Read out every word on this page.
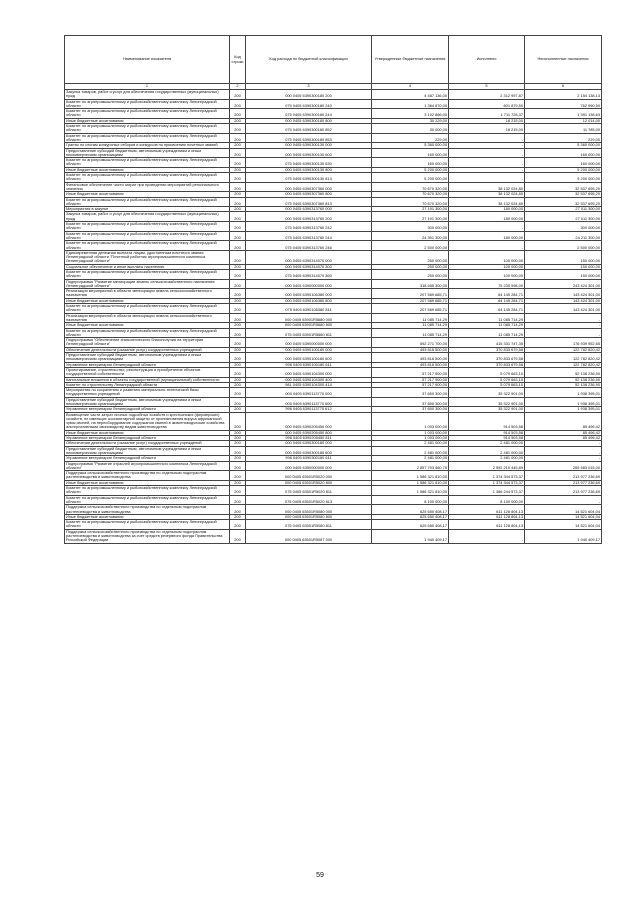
Наименование показателя	Код строки	Код расхода по бюджетной классификации	Утвержденные бюджетные назначения	Исполнено	Неисполненные назначения
1	2	3	4	5	6
Закупка товаров, работ и услуг для обеспечения государственных (муниципальных) нужд	200	000 0405 6390300180 200	4 487 136,00	2 312 997,87	2 154 138,13
Комитет по агропромышленному и рыбохозяйственному комплексу Ленинградской области	200	075 0405 6390300180 240	1 364 870,00	601 879,50	762 990,50
Комитет по агропромышленному и рыбохозяйственному комплексу Ленинградской области	200	075 0405 6390300180 244	3 102 866,00	1 711 728,37	1 391 138,63
Иные бюджетные ассигнования	200	000 0405 6390300180 800	30 229,00	18 215,00	12 014,00
Комитет по агропромышленному и рыбохозяйственному комплексу Ленинградской области	200	075 0405 6390300180 852	30 000,00	18 215,00	11 785,00
Комитет по агропромышленному и рыбохозяйственному комплексу Ленинградской области	200	075 0405 6390300180 853	229,00	-	229,00
Гранты по итогам конкурсных отборов и конкурсов по присвоению почетных званий	200	000 0405 6390300130 000	5 360 000,00	-	5 360 000,00
Предоставление субсидий бюджетным, автономным учреждениям и иным некоммерческим организациям	200	000 0405 6390300130 600	160 000,00	-	160 000,00
Комитет по агропромышленному и рыбохозяйственному комплексу Ленинградской области	200	075 0405 6390300130 630	160 000,00	-	160 000,00
Иные бюджетные ассигнования	200	000 0405 6390300130 800	5 200 000,00	-	5 200 000,00
Комитет по агропромышленному и рыбохозяйственному комплексу Ленинградской области	200	075 0405 6390300130 813	5 200 000,00	-	5 200 000,00
Финансовое обеспечение части затрат при проведении мероприятий регионального значения	200	000 0405 6390307360 000	70 670 320,00	38 132 024,80	32 537 695,20
Иные бюджетные ассигнования	200	000 0405 6390307360 800	70 670 320,00	38 132 024,80	32 537 695,20
Комитет по агропромышленному и рыбохозяйственному комплексу Ленинградской области	200	075 0405 6390307360 813	70 670 320,00	38 132 024,80	32 537 695,20
Мероприятия в закупке	200	000 0405 6390313760 000	27 191 300,00	180 000,00	27 011 300,00
Закупка товаров, работ и услуг для обеспечения государственных (муниципальных) нужд	200	000 0405 6390313760 200	27 191 300,00	180 000,00	27 011 300,00
Комитет по агропромышленному и рыбохозяйственному комплексу Ленинградской области	200	075 0405 6390313760 242	300 000,00	-	300 000,00
Комитет по агропромышленному и рыбохозяйственному комплексу Ленинградской области	200	075 0405 6390313760 244	24 391 300,00	180 000,00	24 211 300,00
Комитет по агропромышленному и рыбохозяйственному комплексу Ленинградской области	200	075 0405 6390313760 246	2 500 000,00	-	2 500 000,00
Единовременная денежная выплата лицам, удостоенным почетного звания Ленинградской области "Почетный работник агропромышленного комплекса Ленинградской области"	200	000 0405 6390314070 000	250 000,00	100 000,00	150 000,00
Социальное обеспечение и иные выплаты населению	200	000 0405 6390314070 300	250 000,00	100 000,00	150 000,00
Комитет по агропромышленному и рыбохозяйственному комплексу Ленинградской области	200	075 0405 6390314070 360	250 000,00	100 000,00	150 000,00
Подпрограмма "Развитие мелиорации земель сельскохозяйственного назначения Ленинградской области"	200	000 0405 6390000000 000	318 655 300,00	75 230 998,00	243 424 301,00
Реализация мероприятий в области мелиорации земель сельскохозяйственного назначения	200	000 0405 6390106380 000	207 569 685,71	64 145 284,71	143 424 301,00
Иные бюджетные ассигнования	200	000 0405 6390106380 800	207 569 685,71	64 145 284,71	143 424 301,00
Комитет по агропромышленному и рыбохозяйственному комплексу Ленинградской области	200	075 0405 6390106380 811	207 569 685,71	64 145 284,71	143 424 301,00
Реализация мероприятий в области мелиорации земель сельскохозяйственного назначения	200	000 0405 63901R5680 000	11 085 714,29	11 085 714,29	-
Иные бюджетные ассигнования	200	000 0405 63901R5680 800	11 085 714,29	11 085 714,29	-
Комитет по агропромышленному и рыбохозяйственному комплексу Ленинградской области	200	075 0405 63901R5680 811	11 085 714,29	11 085 714,29	-
Подпрограмма "Обеспечение эпизоотического благополучия на территории Ленинградской области"	200	000 0405 6390000000 000	592 271 700,00	415 331 747,35	176 939 952,65
Обеспечение деятельности (оказание услуг) государственных учреждений	200	000 0405 6390100180 000	493 816 500,00	370 833 679,58	122 782 820,42
Предоставление субсидий бюджетным, автономным учреждениям и иным некоммерческим организациям	200	000 0405 6390100180 600	493 816 500,00	370 833 679,58	122 782 820,42
Управление ветеринарии Ленинградской области	200	996 0405 6390100180 611	493 816 500,00	370 833 679,58	122 782 820,42
Проектирование, строительство, реконструкция и приобретение объектов государственной собственности	200	000 0405 6390104300 000	57 217 900,00	5 079 663,10	52 138 236,90
Капитальные вложения в объекты государственной (муниципальной) собственности	200	000 0405 6390104300 400	57 217 900,00	5 079 663,10	52 138 236,90
Комитет по строительству Ленинградской области	200	981 0405 6390104300 414	57 217 900,00	5 079 663,10	52 138 236,90
Мероприятия по сохранению и развитию материально-технической базы государственных учреждений	200	000 0405 6390113770 000	37 650 300,00	35 322 901,00	1 938 395,01
Предоставление субсидий бюджетным, автономным учреждениям и иным некоммерческим организациям	200	000 0405 6390113770 600	37 650 300,00	35 322 901,00	1 938 395,01
Управление ветеринарии Ленинградской области	200	996 0405 6390113770 612	37 650 300,00	35 322 901,00	1 938 395,01
Возмещение части затрат личных подсобных хозяйств и крестьянских (фермерских) хозяйств, не имеющих зоосанитарной защиты от проникновения вируса африканской чумы свиней, на переоборудование содержания свиней в животноводческие хозяйства альтернативными свиноводству видам животноводства	200	000 0405 6390205450 000	1 003 000,00	914 503,58	85 496,42
Иные бюджетные ассигнования	200	000 0405 6390205450 800	1 003 000,00	914 503,58	85 496,42
Управление ветеринарии Ленинградской области	200	996 0405 6390205450 811	1 003 000,00	914 503,58	85 496,42
Обеспечение деятельности (оказание услуг) государственных учреждений	200	000 0405 6390300180 000	2 481 000,00	2 481 000,00	-
Предоставление субсидий бюджетным, автономным учреждениям и иным некоммерческим организациям	200	000 0405 6390300180 600	2 481 000,00	2 481 000,00	-
Управление ветеринарии Ленинградской области	200	996 0405 6390300180 611	2 481 000,00	2 481 000,00	-
Подпрограмма "Развитие отраслей агропромышленного комплекса Ленинградской области"	200	000 0405 6350000000 000	2 857 793 460,75	2 592 210 445,89	265 583 015,00
Поддержка сельскохозяйственного производства по отдельным подотраслям растениеводства и животноводства	200	000 0405 63501R5020 000	1 586 321 810,00	1 374 344 573,37	213 977 236,69
Иные бюджетные ассигнования	200	000 0405 63501R5020 800	1 586 321 810,00	1 374 344 573,37	213 977 236,69
Комитет по агропромышленному и рыбохозяйственному комплексу Ленинградской области	200	075 0405 63501R5020 811	1 586 321 810,00	1 366 244 573,37	213 977 236,69
Комитет по агропромышленному и рыбохозяйственному комплексу Ленинградской области	200	075 0405 63501R5020 813	8 100 000,00	8 100 000,00	-
Поддержка сельскохозяйственного производства по отдельным подотраслям растениеводства и животноводства	200	000 0405 63501R5080 000	625 650 408,17	611 128 804,13	14 521 604,04
Иные бюджетные ассигнования	200	000 0405 63501R5080 800	625 650 408,17	611 128 804,13	14 521 604,04
Комитет по агропромышленному и рыбохозяйственному комплексу Ленинградской области	200	075 0405 63501R5080 811	625 650 408,17	611 128 804,13	14 521 604,04
Поддержка сельскохозяйственного производства по отдельным подотраслям растениеводства и животноводства за счет средств резервного фонда Правительства Российской Федерации	200	000 0405 63501R5087 000	1 940 409,17	-	1 940 409,17
59
